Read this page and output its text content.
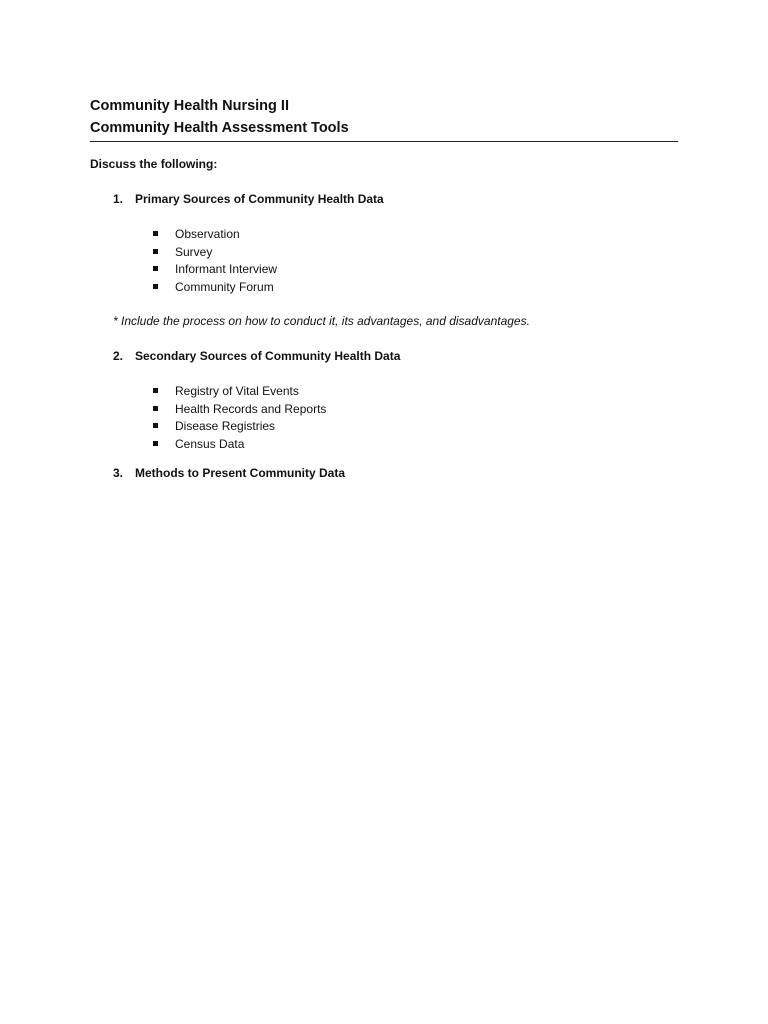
Community Health Nursing II
Community Health Assessment Tools
Discuss the following:
1. Primary Sources of Community Health Data
Observation
Survey
Informant Interview
Community Forum
* Include the process on how to conduct it, its advantages, and disadvantages.
2. Secondary Sources of Community Health Data
Registry of Vital Events
Health Records and Reports
Disease Registries
Census Data
3. Methods to Present Community Data
